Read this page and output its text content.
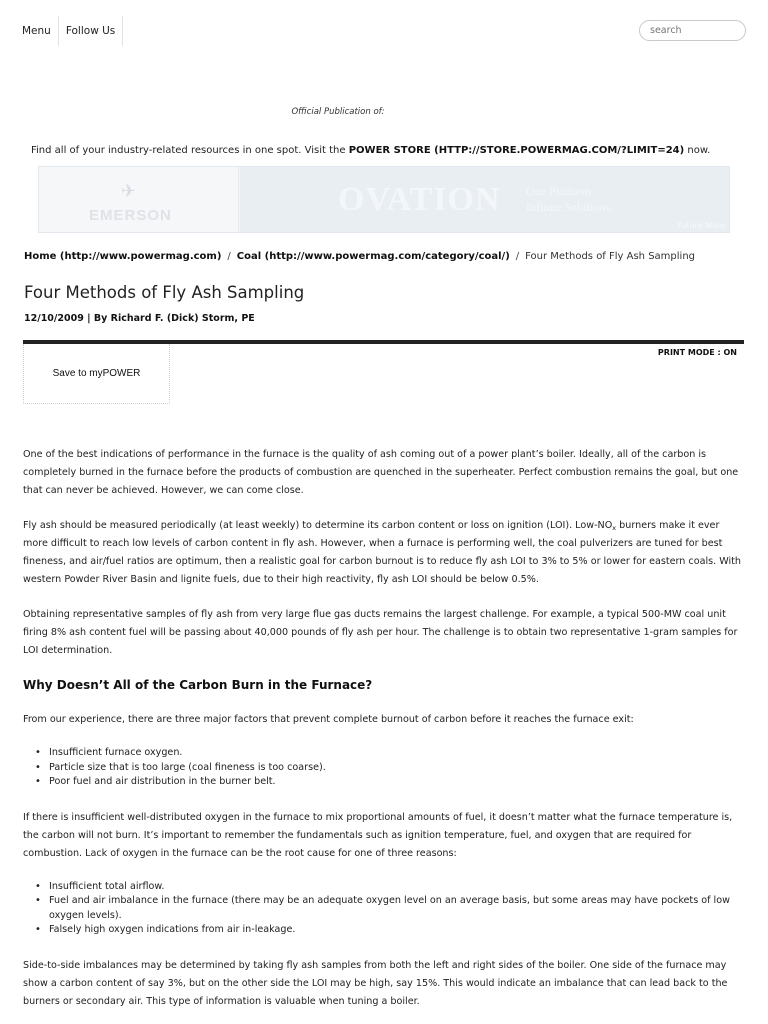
Menu	Follow Us
search
Official Publication of:
Find all of your industry-related resources in one spot. Visit the POWER STORE (HTTP://STORE.POWERMAG.COM/?LIMIT=24) now.
✈
EMERSON	OVATION One Platform.
Infinite Solutions.
Future More
Home (http://www.powermag.com) / Coal (http://www.powermag.com/category/coal/) / Four Methods of Fly Ash Sampling
Four Methods of Fly Ash Sampling
12/10/2009 | By Richard F. (Dick) Storm, PE
PRINT MODE : ON
Save to myPOWER

One of the best indications of performance in the furnace is the quality of ash coming out of a power plant’s boiler. Ideally, all of the carbon is completely burned in the furnace before the products of combustion are quenched in the superheater. Perfect combustion remains the goal, but one that can never be achieved. However, we can come close.

Fly ash should be measured periodically (at least weekly) to determine its carbon content or loss on ignition (LOI). Low-$NO_x$ burners make it ever more difficult to reach low levels of carbon content in fly ash. However, when a furnace is performing well, the coal pulverizers are tuned for best fineness, and air/fuel ratios are optimum, then a realistic goal for carbon burnout is to reduce fly ash LOI to 3% to 5% or lower for eastern coals. With western Powder River Basin and lignite fuels, due to their high reactivity, fly ash LOI should be below 0.5%.

Obtaining representative samples of fly ash from very large flue gas ducts remains the largest challenge. For example, a typical 500-MW coal unit firing 8% ash content fuel will be passing about 40,000 pounds of fly ash per hour. The challenge is to obtain two representative 1-gram samples for LOI determination.

Why Doesn’t All of the Carbon Burn in the Furnace?

From our experience, there are three major factors that prevent complete burnout of carbon before it reaches the furnace exit:

• Insufficient furnace oxygen.
• Particle size that is too large (coal fineness is too coarse).
• Poor fuel and air distribution in the burner belt.

If there is insufficient well-distributed oxygen in the furnace to mix proportional amounts of fuel, it doesn’t matter what the furnace temperature is, the carbon will not burn. It’s important to remember the fundamentals such as ignition temperature, fuel, and oxygen that are required for combustion. Lack of oxygen in the furnace can be the root cause for one of three reasons:

• Insufficient total airflow.
• Fuel and air imbalance in the furnace (there may be an adequate oxygen level on an average basis, but some areas may have pockets of low oxygen levels).
• Falsely high oxygen indications from air in-leakage.

Side-to-side imbalances may be determined by taking fly ash samples from both the left and right sides of the boiler. One side of the furnace may show a carbon content of say 3%, but on the other side the LOI may be high, say 15%. This would indicate an imbalance that can lead back to the burners or secondary air. This type of information is valuable when tuning a boiler.
